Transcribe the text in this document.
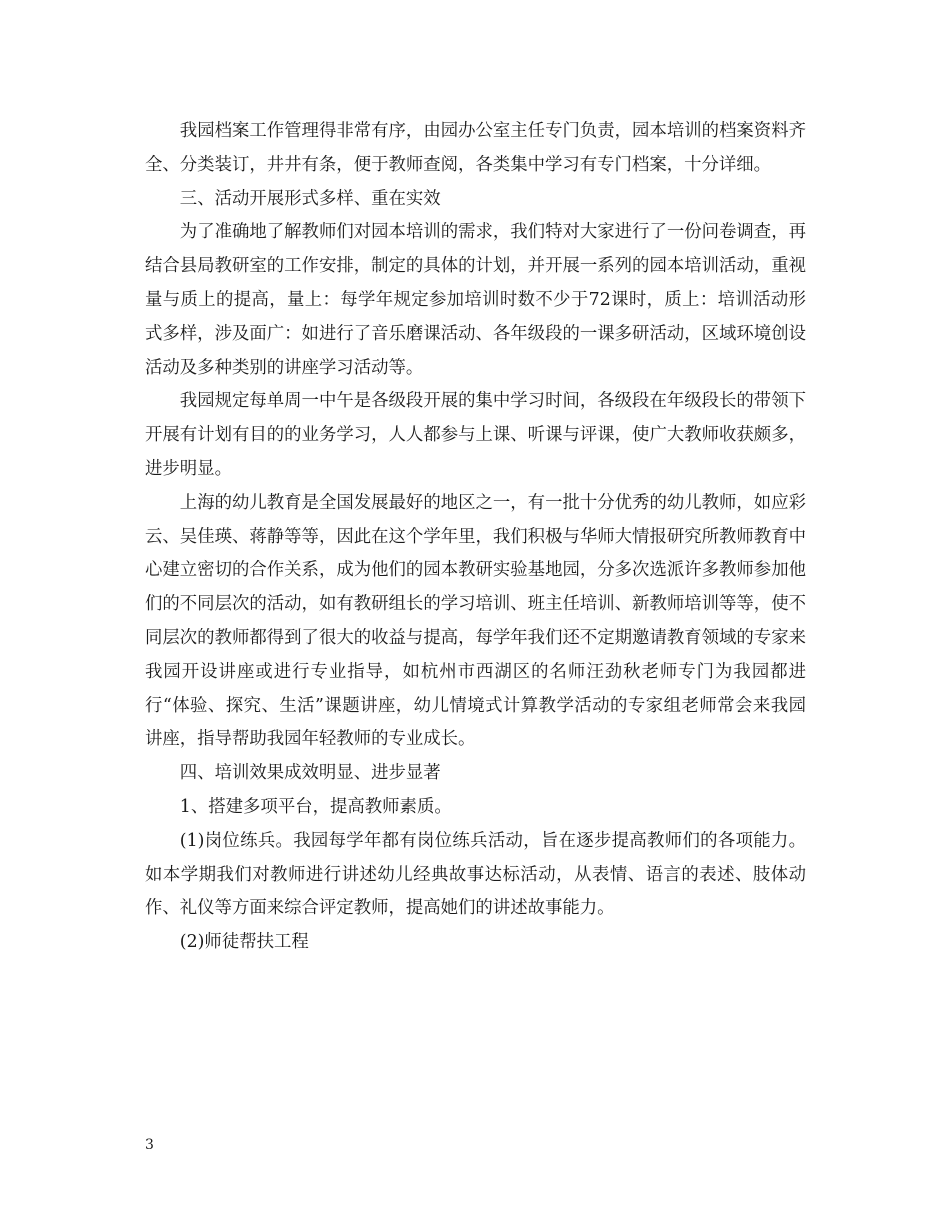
我园档案工作管理得非常有序，由园办公室主任专门负责，园本培训的档案资料齐全、分类装订，井井有条，便于教师查阅，各类集中学习有专门档案，十分详细。

三、活动开展形式多样、重在实效

为了准确地了解教师们对园本培训的需求，我们特对大家进行了一份问卷调查，再结合县局教研室的工作安排，制定的具体的计划，并开展一系列的园本培训活动，重视量与质上的提高，量上：每学年规定参加培训时数不少于72课时，质上：培训活动形式多样，涉及面广：如进行了音乐磨课活动、各年级段的一课多研活动，区域环境创设活动及多种类别的讲座学习活动等。

我园规定每单周一中午是各级段开展的集中学习时间，各级段在年级段长的带领下开展有计划有目的的业务学习，人人都参与上课、听课与评课，使广大教师收获颇多，进步明显。

上海的幼儿教育是全国发展最好的地区之一，有一批十分优秀的幼儿教师，如应彩云、吴佳瑛、蒋静等等，因此在这个学年里，我们积极与华师大情报研究所教师教育中心建立密切的合作关系，成为他们的园本教研实验基地园，分多次选派许多教师参加他们的不同层次的活动，如有教研组长的学习培训、班主任培训、新教师培训等等，使不同层次的教师都得到了很大的收益与提高，每学年我们还不定期邀请教育领域的专家来我园开设讲座或进行专业指导，如杭州市西湖区的名师汪劲秋老师专门为我园都进行“体验、探究、生活”课题讲座，幼儿情境式计算教学活动的专家组老师常会来我园讲座，指导帮助我园年轻教师的专业成长。

四、培训效果成效明显、进步显著

1、搭建多项平台，提高教师素质。

(1)岗位练兵。我园每学年都有岗位练兵活动，旨在逐步提高教师们的各项能力。如本学期我们对教师进行讲述幼儿经典故事达标活动，从表情、语言的表述、肢体动作、礼仪等方面来综合评定教师，提高她们的讲述故事能力。

(2)师徒帮扶工程

3
